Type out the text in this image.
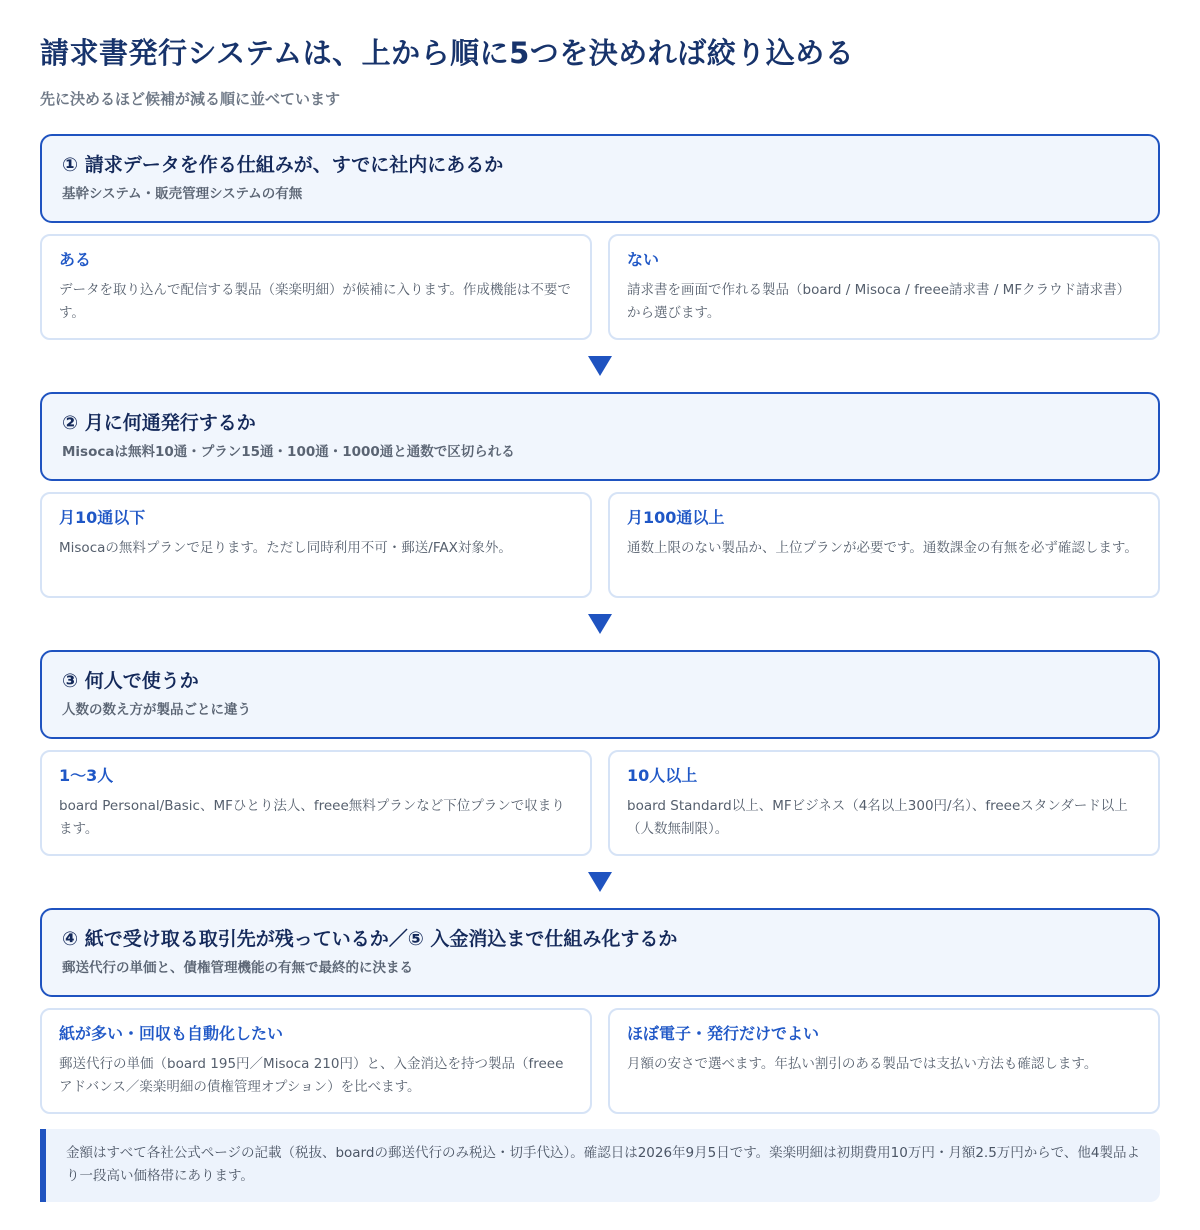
請求書発行システムは、上から順に5つを決めれば絞り込める

先に決めるほど候補が減る順に並べています

① 請求データを作る仕組みが、すでに社内にあるか
基幹システム・販売管理システムの有無
ある
データを取り込んで配信する製品（楽楽明細）が候補に入ります。作成機能は不要です。
ない
請求書を画面で作れる製品（board / Misoca / freee請求書 / MFクラウド請求書）から選びます。
② 月に何通発行するか
Misocaは無料10通・プラン15通・100通・1000通と通数で区切られる
月10通以下
Misocaの無料プランで足ります。ただし同時利用不可・郵送/FAX対象外。
月100通以上
通数上限のない製品か、上位プランが必要です。通数課金の有無を必ず確認します。
③ 何人で使うか
人数の数え方が製品ごとに違う
1〜3人
board Personal/Basic、MFひとり法人、freee無料プランなど下位プランで収まります。
10人以上
board Standard以上、MFビジネス（4名以上300円/名）、freeeスタンダード以上（人数無制限）。
④ 紙で受け取る取引先が残っているか／⑤ 入金消込まで仕組み化するか
郵送代行の単価と、債権管理機能の有無で最終的に決まる
紙が多い・回収も自動化したい
郵送代行の単価（board 195円／Misoca 210円）と、入金消込を持つ製品（freeeアドバンス／楽楽明細の債権管理オプション）を比べます。
ほぼ電子・発行だけでよい
月額の安さで選べます。年払い割引のある製品では支払い方法も確認します。
金額はすべて各社公式ページの記載（税抜、boardの郵送代行のみ税込・切手代込）。確認日は2026年9月5日です。楽楽明細は初期費用10万円・月額2.5万円からで、他4製品より一段高い価格帯にあります。
